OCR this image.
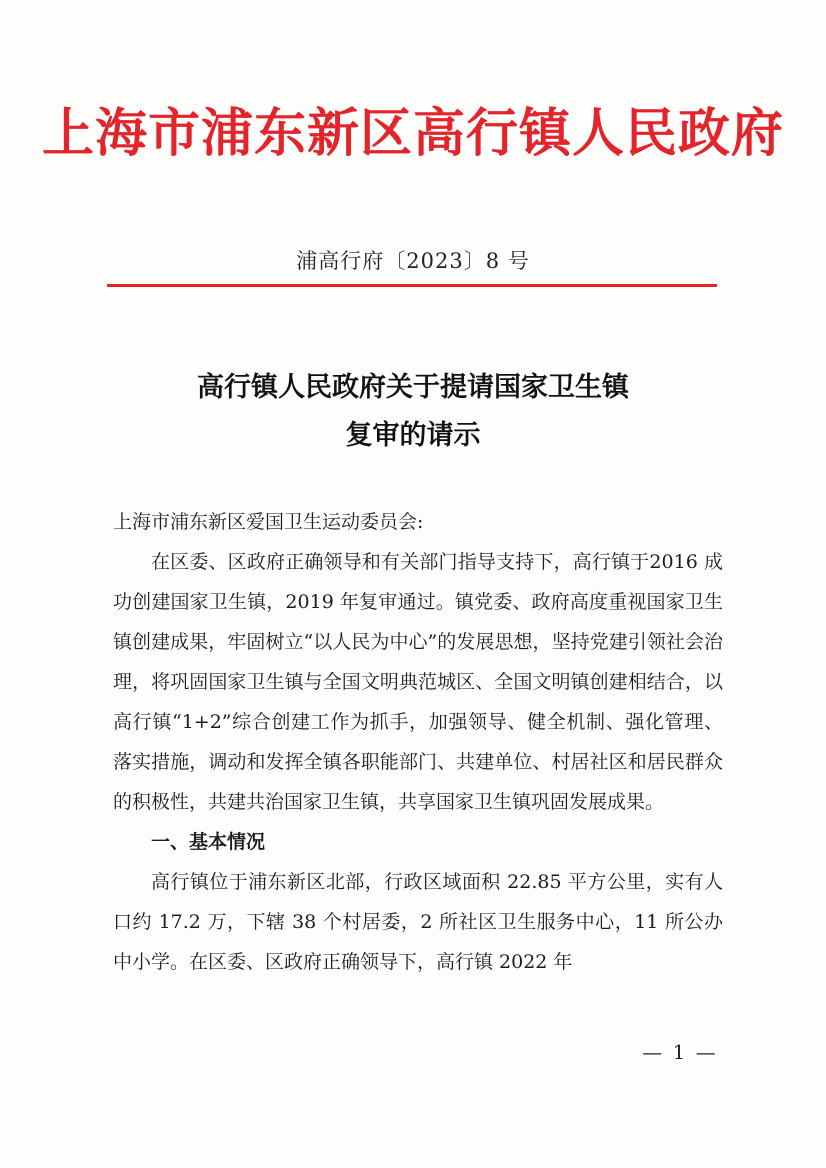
上海市浦东新区高行镇人民政府
浦高行府〔2023〕8 号
高行镇人民政府关于提请国家卫生镇
复审的请示

上海市浦东新区爱国卫生运动委员会:

在区委、区政府正确领导和有关部门指导支持下，高行镇于2016 成功创建国家卫生镇，2019 年复审通过。镇党委、政府高度重视国家卫生镇创建成果，牢固树立“以人民为中心”的发展思想，坚持党建引领社会治理，将巩固国家卫生镇与全国文明典范城区、全国文明镇创建相结合，以高行镇“1+2”综合创建工作为抓手，加强领导、健全机制、强化管理、落实措施，调动和发挥全镇各职能部门、共建单位、村居社区和居民群众的积极性，共建共治国家卫生镇，共享国家卫生镇巩固发展成果。

一、基本情况

高行镇位于浦东新区北部，行政区域面积 22.85 平方公里，实有人口约 17.2 万，下辖 38 个村居委，2 所社区卫生服务中心，11 所公办中小学。在区委、区政府正确领导下，高行镇 2022 年

— 1 —
